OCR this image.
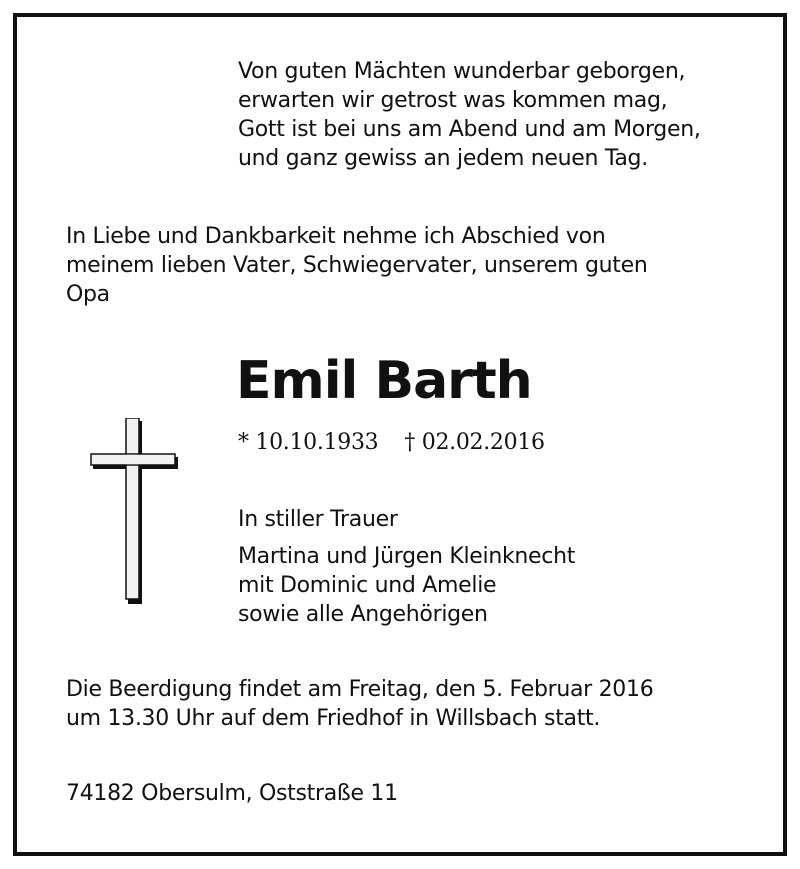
Von guten Mächten wunderbar geborgen,
erwarten wir getrost was kommen mag,
Gott ist bei uns am Abend und am Morgen,
und ganz gewiss an jedem neuen Tag.
In Liebe und Dankbarkeit nehme ich Abschied von
meinem lieben Vater, Schwiegervater, unserem guten
Opa
Emil Barth
* 10.10.1933 † 02.02.2016
In stiller Trauer
Martina und Jürgen Kleinknecht
mit Dominic und Amelie
sowie alle Angehörigen
Die Beerdigung findet am Freitag, den 5. Februar 2016
um 13.30 Uhr auf dem Friedhof in Willsbach statt.
74182 Obersulm, Oststraße 11
